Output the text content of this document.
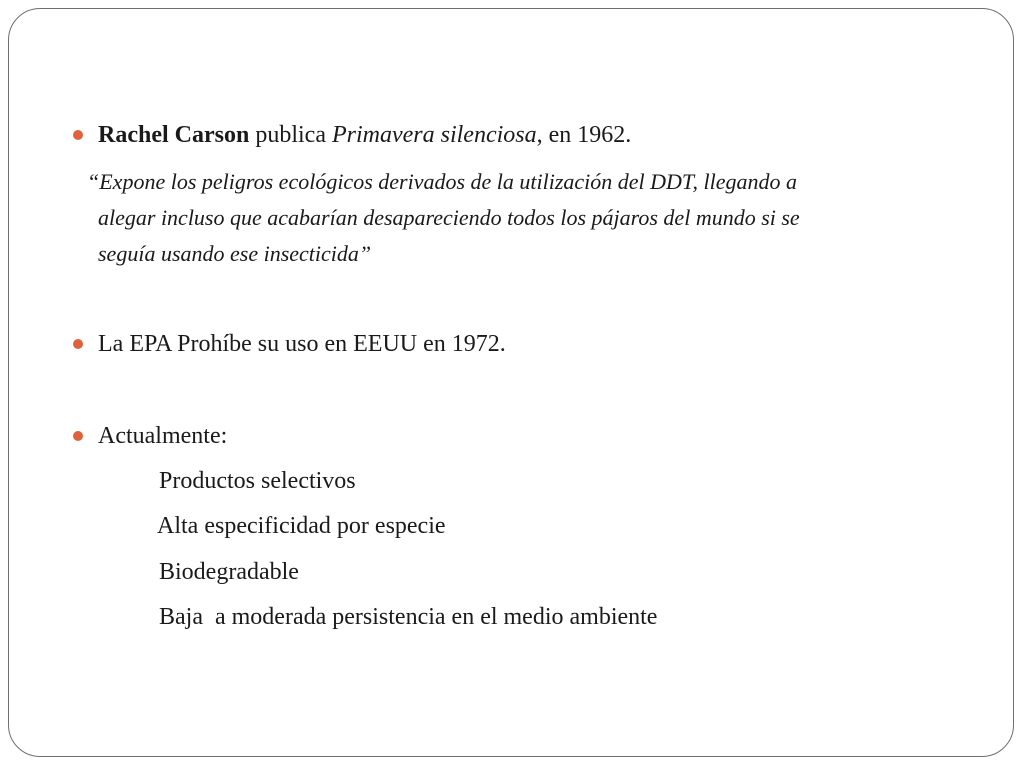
Rachel Carson publica Primavera silenciosa, en 1962.
“Expone los peligros ecológicos derivados de la utilización del DDT, llegando a
alegar incluso que acabarían desapareciendo todos los pájaros del mundo si se
seguía usando ese insecticida”
La EPA Prohíbe su uso en EEUU en 1972.
Actualmente:
Productos selectivos
Alta especificidad por especie
Biodegradable
Baja  a moderada persistencia en el medio ambiente
